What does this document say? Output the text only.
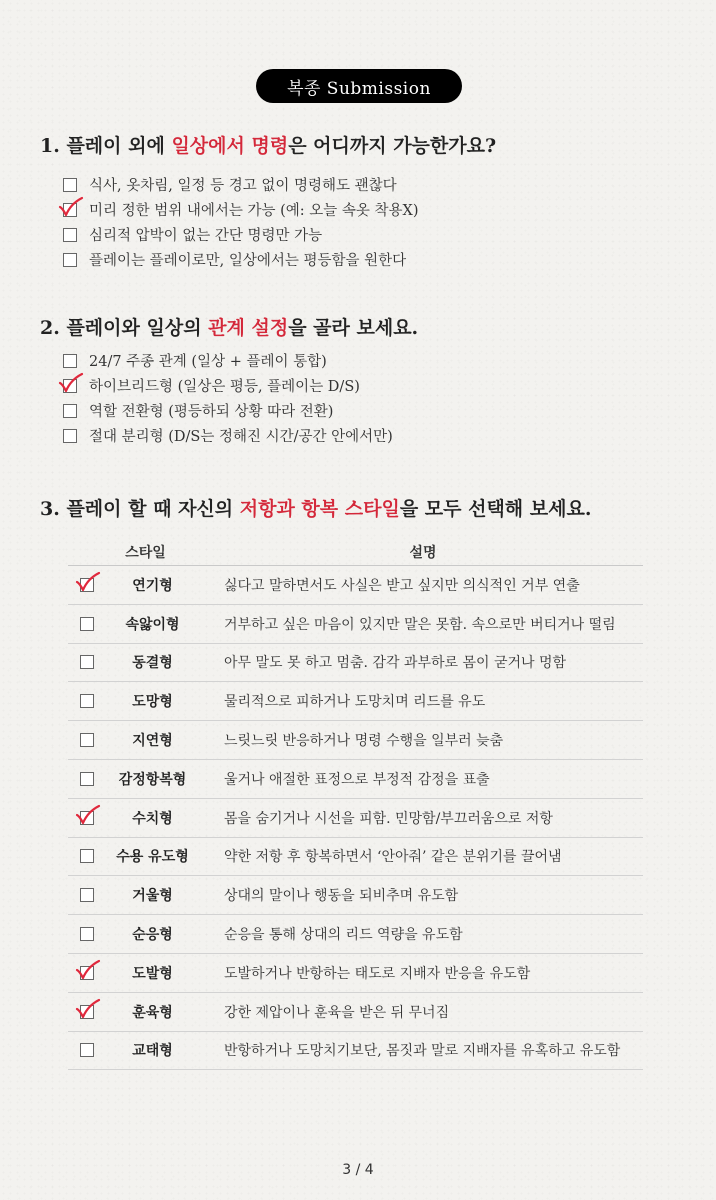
복종 Submission
1. 플레이 외에 일상에서 명령은 어디까지 가능한가요?
식사, 옷차림, 일정 등 경고 없이 명령해도 괜찮다
미리 정한 범위 내에서는 가능 (예: 오늘 속옷 착용X)
심리적 압박이 없는 간단 명령만 가능
플레이는 플레이로만, 일상에서는 평등함을 원한다
2. 플레이와 일상의 관계 설정을 골라 보세요.
24/7 주종 관계 (일상 + 플레이 통합)
하이브리드형 (일상은 평등, 플레이는 D/S)
역할 전환형 (평등하되 상황 따라 전환)
절대 분리형 (D/S는 정해진 시간/공간 안에서만)
3. 플레이 할 때 자신의 저항과 항복 스타일을 모두 선택해 보세요.
스타일	설명
연기형	싫다고 말하면서도 사실은 받고 싶지만 의식적인 거부 연출
속앓이형	거부하고 싶은 마음이 있지만 말은 못함. 속으로만 버티거나 떨림
동결형	아무 말도 못 하고 멈춤. 감각 과부하로 몸이 굳거나 멍함
도망형	물리적으로 피하거나 도망치며 리드를 유도
지연형	느릿느릿 반응하거나 명령 수행을 일부러 늦춤
감정항복형	울거나 애절한 표정으로 부정적 감정을 표출
수치형	몸을 숨기거나 시선을 피함. 민망함/부끄러움으로 저항
수용 유도형	약한 저항 후 항복하면서 ‘안아줘’ 같은 분위기를 끌어냄
거울형	상대의 말이나 행동을 되비추며 유도함
순응형	순응을 통해 상대의 리드 역량을 유도함
도발형	도발하거나 반항하는 태도로 지배자 반응을 유도함
훈육형	강한 제압이나 훈육을 받은 뒤 무너짐
교태형	반항하거나 도망치기보단, 몸짓과 말로 지배자를 유혹하고 유도함
3 / 4
